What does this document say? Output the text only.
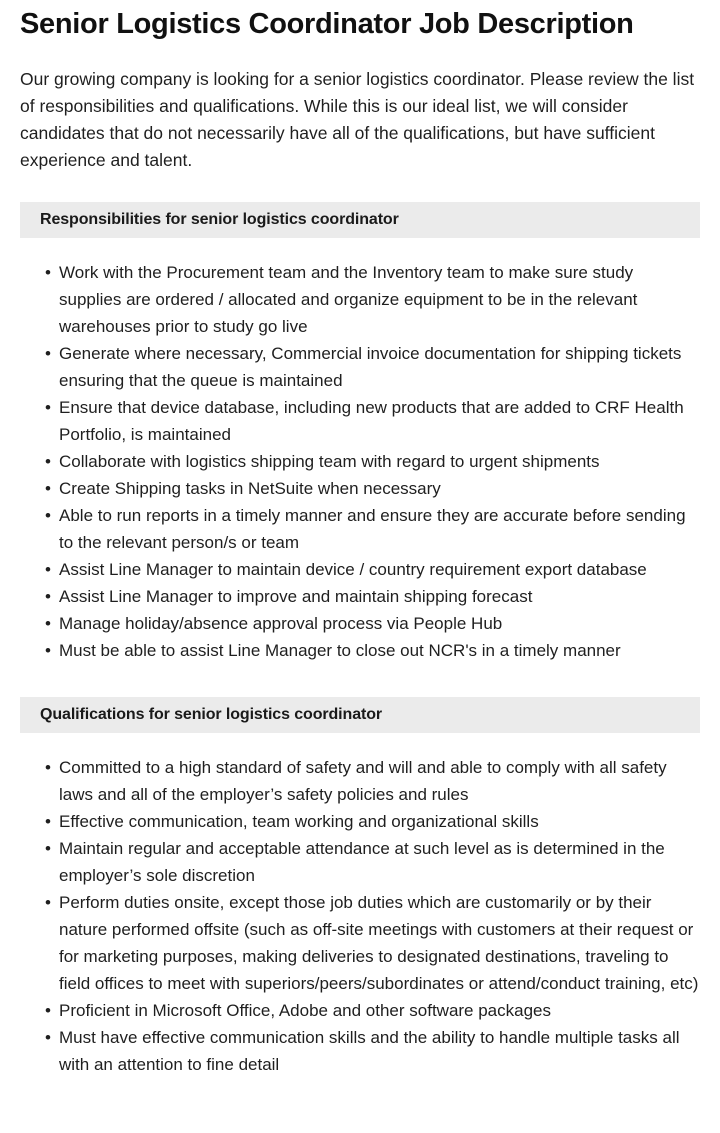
Senior Logistics Coordinator Job Description

Our growing company is looking for a senior logistics coordinator. Please review the list of responsibilities and qualifications. While this is our ideal list, we will consider candidates that do not necessarily have all of the qualifications, but have sufficient experience and talent.

Responsibilities for senior logistics coordinator
• Work with the Procurement team and the Inventory team to make sure study supplies are ordered / allocated and organize equipment to be in the relevant warehouses prior to study go live
• Generate where necessary, Commercial invoice documentation for shipping tickets ensuring that the queue is maintained
• Ensure that device database, including new products that are added to CRF Health Portfolio, is maintained
• Collaborate with logistics shipping team with regard to urgent shipments
• Create Shipping tasks in NetSuite when necessary
• Able to run reports in a timely manner and ensure they are accurate before sending to the relevant person/s or team
• Assist Line Manager to maintain device / country requirement export database
• Assist Line Manager to improve and maintain shipping forecast
• Manage holiday/absence approval process via People Hub
• Must be able to assist Line Manager to close out NCR's in a timely manner
Qualifications for senior logistics coordinator
• Committed to a high standard of safety and will and able to comply with all safety laws and all of the employer’s safety policies and rules
• Effective communication, team working and organizational skills
• Maintain regular and acceptable attendance at such level as is determined in the employer’s sole discretion
• Perform duties onsite, except those job duties which are customarily or by their nature performed offsite (such as off-site meetings with customers at their request or for marketing purposes, making deliveries to designated destinations, traveling to field offices to meet with superiors/peers/subordinates or attend/conduct training, etc)
• Proficient in Microsoft Office, Adobe and other software packages
• Must have effective communication skills and the ability to handle multiple tasks all with an attention to fine detail
